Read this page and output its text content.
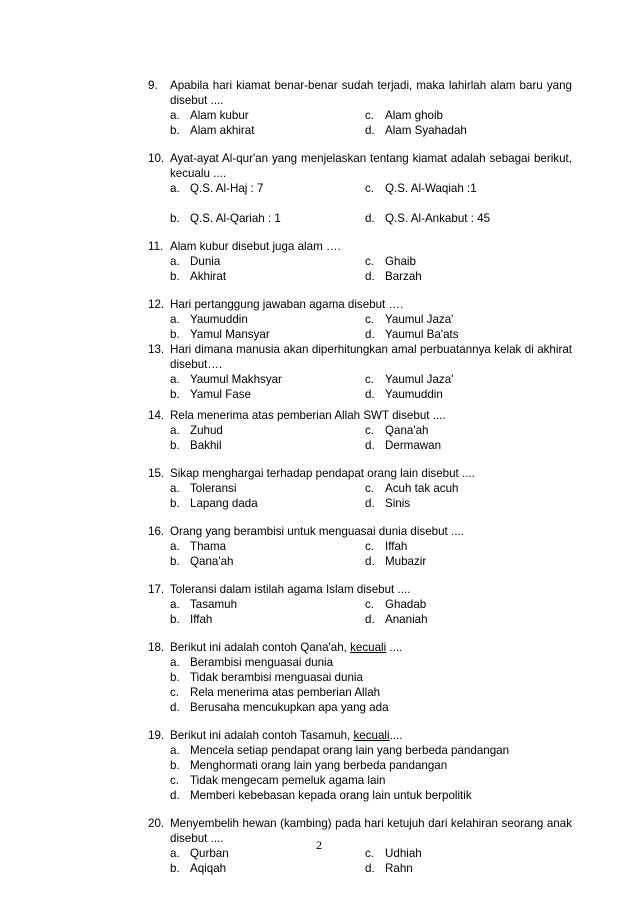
9.	Apabila hari kiamat benar-benar sudah terjadi, maka lahirlah alam baru yang disebut ....
a. Alam kubur	c. Alam ghoib
b. Alam akhirat	d. Alam Syahadah
10. Ayat-ayat Al-qur'an yang menjelaskan tentang kiamat adalah sebagai berikut, kecualu ....
a. Q.S. Al-Haj : 7	c. Q.S. Al-Waqiah :1
b. Q.S. Al-Qariah : 1	d. Q.S. Al-Ankabut : 45
11. Alam kubur disebut juga alam ….
a. Dunia	c. Ghaib
b. Akhirat	d. Barzah
12. Hari pertanggung jawaban agama disebut ….
a. Yaumuddin	c. Yaumul Jaza'
b. Yamul Mansyar	d. Yaumul Ba'ats
13. Hari dimana manusia akan diperhitungkan amal perbuatannya kelak di akhirat disebut….
a. Yaumul Makhsyar	c. Yaumul Jaza'
b. Yamul Fase	d. Yaumuddin
14. Rela menerima atas pemberian Allah SWT disebut ....
a. Zuhud	c. Qana'ah
b. Bakhil	d. Dermawan
15. Sikap menghargai terhadap pendapat orang lain disebut ....
a. Toleransi	c. Acuh tak acuh
b. Lapang dada	d. Sinis
16. Orang yang berambisi untuk menguasai dunia disebut ....
a. Thama	c. Iffah
b. Qana'ah	d. Mubazir
17. Toleransi dalam istilah agama Islam disebut ....
a. Tasamuh	c. Ghadab
b. Iffah	d. Ananiah
18. Berikut ini adalah contoh Qana'ah, kecuali ....
a. Berambisi menguasai dunia
b. Tidak berambisi menguasai dunia
c. Rela menerima atas pemberian Allah
d. Berusaha mencukupkan apa yang ada
19. Berikut ini adalah contoh Tasamuh, kecuali....
a. Mencela setiap pendapat orang lain yang berbeda pandangan
b. Menghormati orang lain yang berbeda pandangan
c. Tidak mengecam pemeluk agama lain
d. Memberi kebebasan kepada orang lain untuk berpolitik
20. Menyembelih hewan (kambing) pada hari ketujuh dari kelahiran seorang anak disebut ....
a. Qurban	c. Udhiah
b. Aqiqah	d. Rahn
2
